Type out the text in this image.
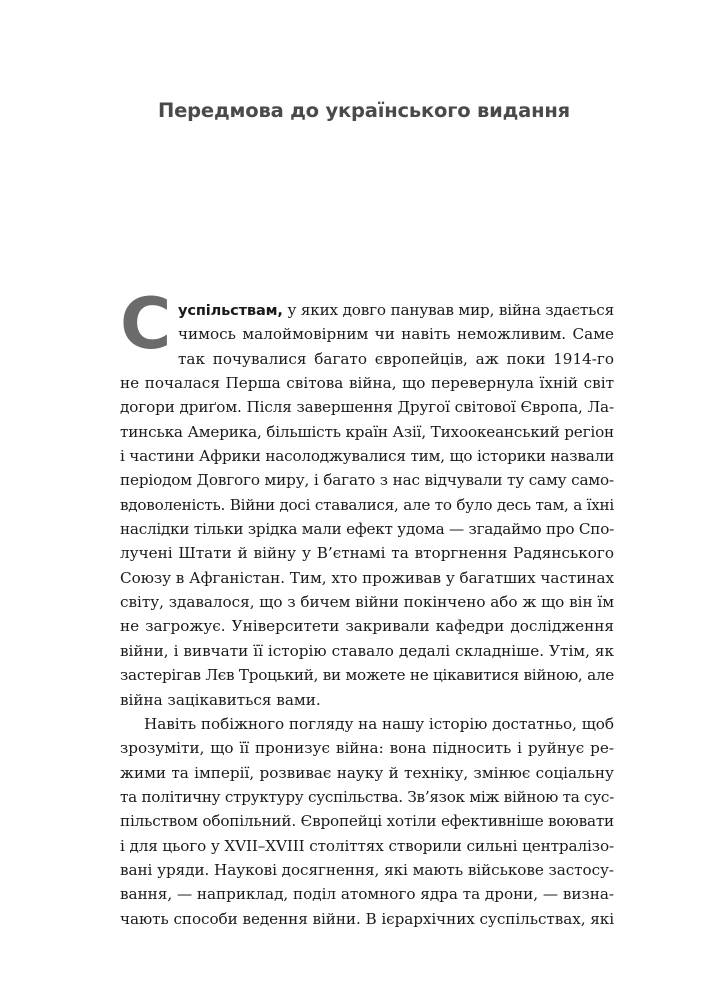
Передмова до українського видання
С успільствам, у яких довго панував мир, війна здається
чимось малоймовірним чи навіть неможливим. Саме
так почувалися багато європейців, аж поки 1914-го
не почалася Перша світова війна, що перевернула їхній світ
догори дриґом. Після завершення Другої світової Європа, Ла-
тинська Америка, більшість країн Азії, Тихоокеанський регіон
і частини Африки насолоджувалися тим, що історики назвали
періодом Довгого миру, і багато з нас відчували ту саму само-
вдоволеність. Війни досі ставалися, але то було десь там, а їхні
наслідки тільки зрідка мали ефект удома — згадаймо про Спо-
лучені Штати й війну у В’єтнамі та вторгнення Радянського
Союзу в Афганістан. Тим, хто проживав у багатших частинах
світу, здавалося, що з бичем війни покінчено або ж що він їм
не загрожує. Університети закривали кафедри дослідження
війни, і вивчати її історію ставало дедалі складніше. Утім, як
застерігав Лєв Троцький, ви можете не цікавитися війною, але
війна зацікавиться вами.
Навіть побіжного погляду на нашу історію достатньо, щоб
зрозуміти, що її пронизує війна: вона підносить і руйнує ре-
жими та імперії, розвиває науку й техніку, змінює соціальну
та політичну структуру суспільства. Зв’язок між війною та сус-
пільством обопільний. Європейці хотіли ефективніше воювати
і для цього у XVII–XVIII століттях створили сильні централізо-
вані уряди. Наукові досягнення, які мають військове застосу-
вання, — наприклад, поділ атомного ядра та дрони, — визна-
чають способи ведення війни. В ієрархічних суспільствах, які
